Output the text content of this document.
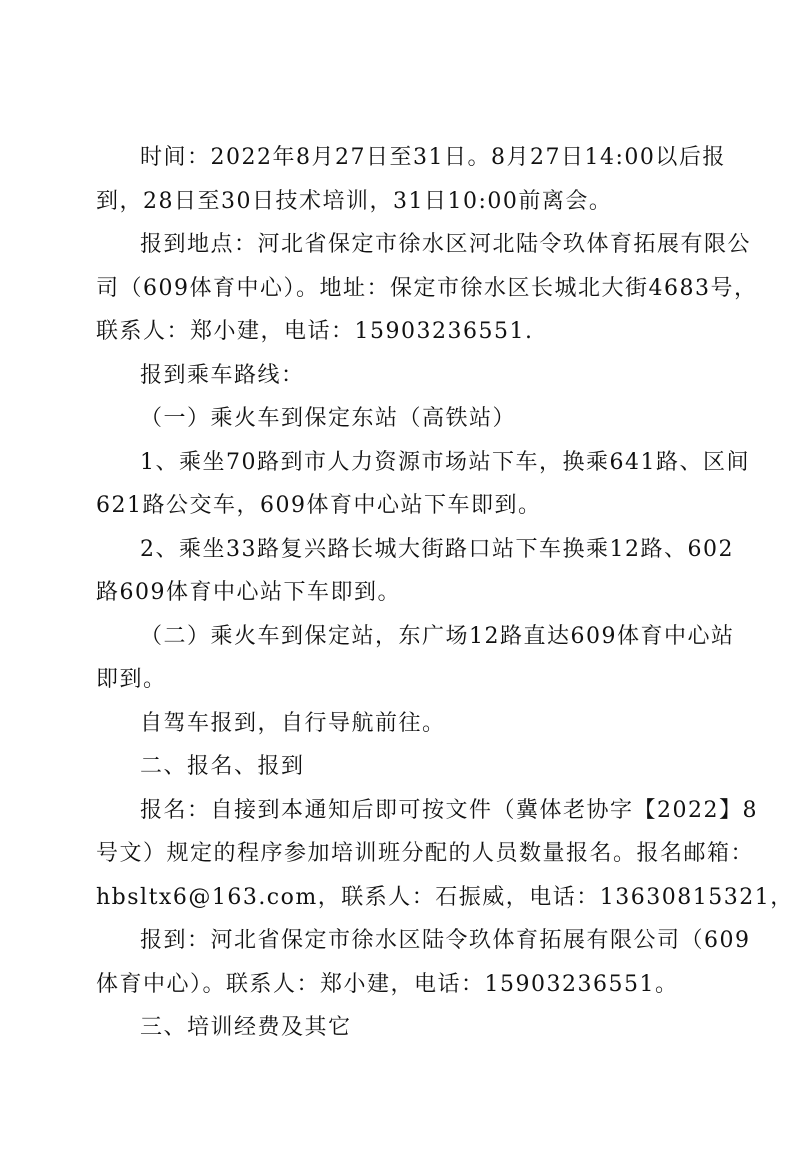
时间：2022年8月27日至31日。8月27日14:00以后报
到，28日至30日技术培训，31日10:00前离会。
报到地点：河北省保定市徐水区河北陆令玖体育拓展有限公
司（609体育中心）。地址：保定市徐水区长城北大街4683号，
联系人：郑小建，电话：15903236551.
报到乘车路线：
（一）乘火车到保定东站（高铁站）
1、乘坐70路到市人力资源市场站下车，换乘641路、区间
621路公交车，609体育中心站下车即到。
2、乘坐33路复兴路长城大街路口站下车换乘12路、602
路609体育中心站下车即到。
（二）乘火车到保定站，东广场12路直达609体育中心站
即到。
自驾车报到，自行导航前往。
二、报名、报到
报名：自接到本通知后即可按文件（冀体老协字【2022】8
号文）规定的程序参加培训班分配的人员数量报名。报名邮箱：
hbsltx6@163.com，联系人：石振威，电话：13630815321，
报到：河北省保定市徐水区陆令玖体育拓展有限公司（609
体育中心）。联系人：郑小建，电话：15903236551。
三、培训经费及其它
